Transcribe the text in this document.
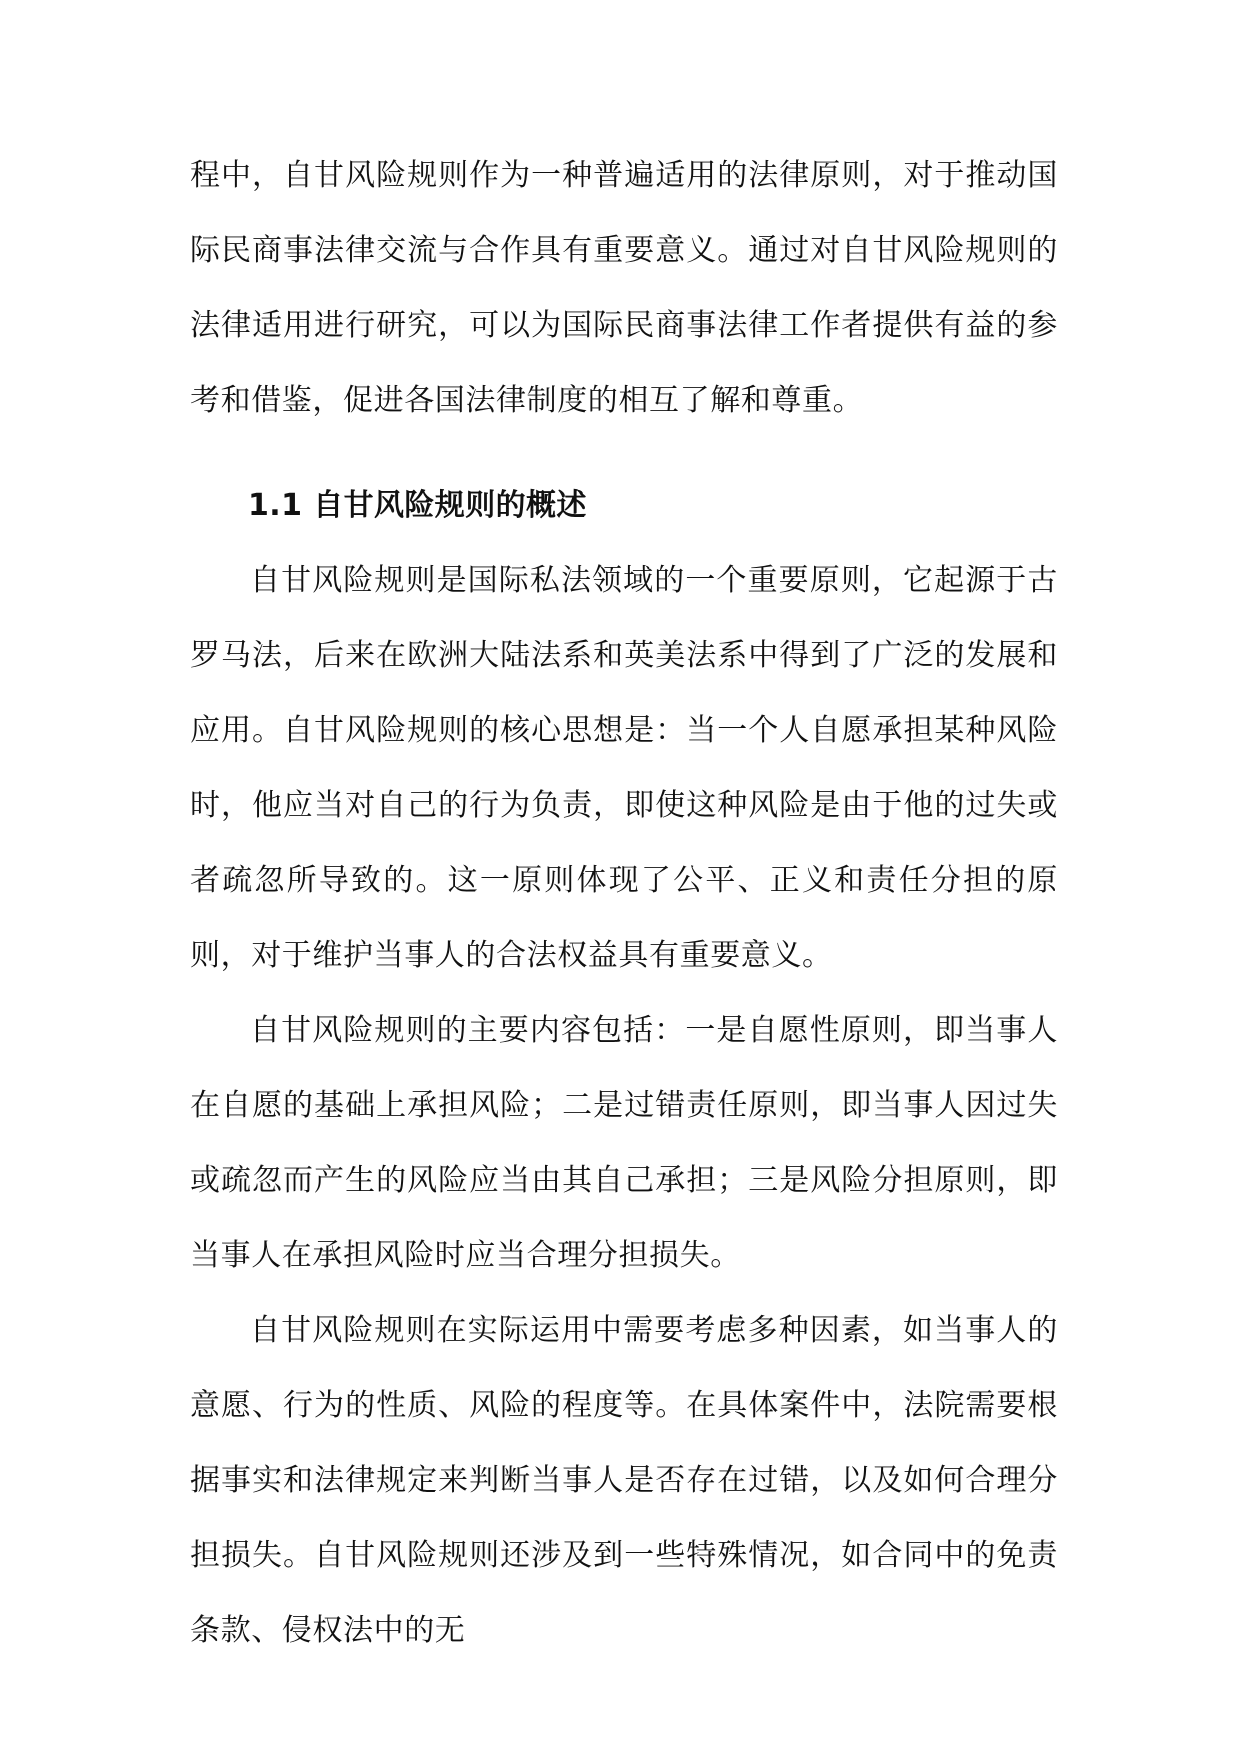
程中，自甘风险规则作为一种普遍适用的法律原则，对于推动国际民商事法律交流与合作具有重要意义。通过对自甘风险规则的法律适用进行研究，可以为国际民商事法律工作者提供有益的参考和借鉴，促进各国法律制度的相互了解和尊重。

1.1 自甘风险规则的概述

自甘风险规则是国际私法领域的一个重要原则，它起源于古罗马法，后来在欧洲大陆法系和英美法系中得到了广泛的发展和应用。自甘风险规则的核心思想是：当一个人自愿承担某种风险时，他应当对自己的行为负责，即使这种风险是由于他的过失或者疏忽所导致的。这一原则体现了公平、正义和责任分担的原则，对于维护当事人的合法权益具有重要意义。

自甘风险规则的主要内容包括：一是自愿性原则，即当事人在自愿的基础上承担风险；二是过错责任原则，即当事人因过失或疏忽而产生的风险应当由其自己承担；三是风险分担原则，即当事人在承担风险时应当合理分担损失。

自甘风险规则在实际运用中需要考虑多种因素，如当事人的意愿、行为的性质、风险的程度等。在具体案件中，法院需要根据事实和法律规定来判断当事人是否存在过错，以及如何合理分担损失。自甘风险规则还涉及到一些特殊情况，如合同中的免责条款、侵权法中的无
